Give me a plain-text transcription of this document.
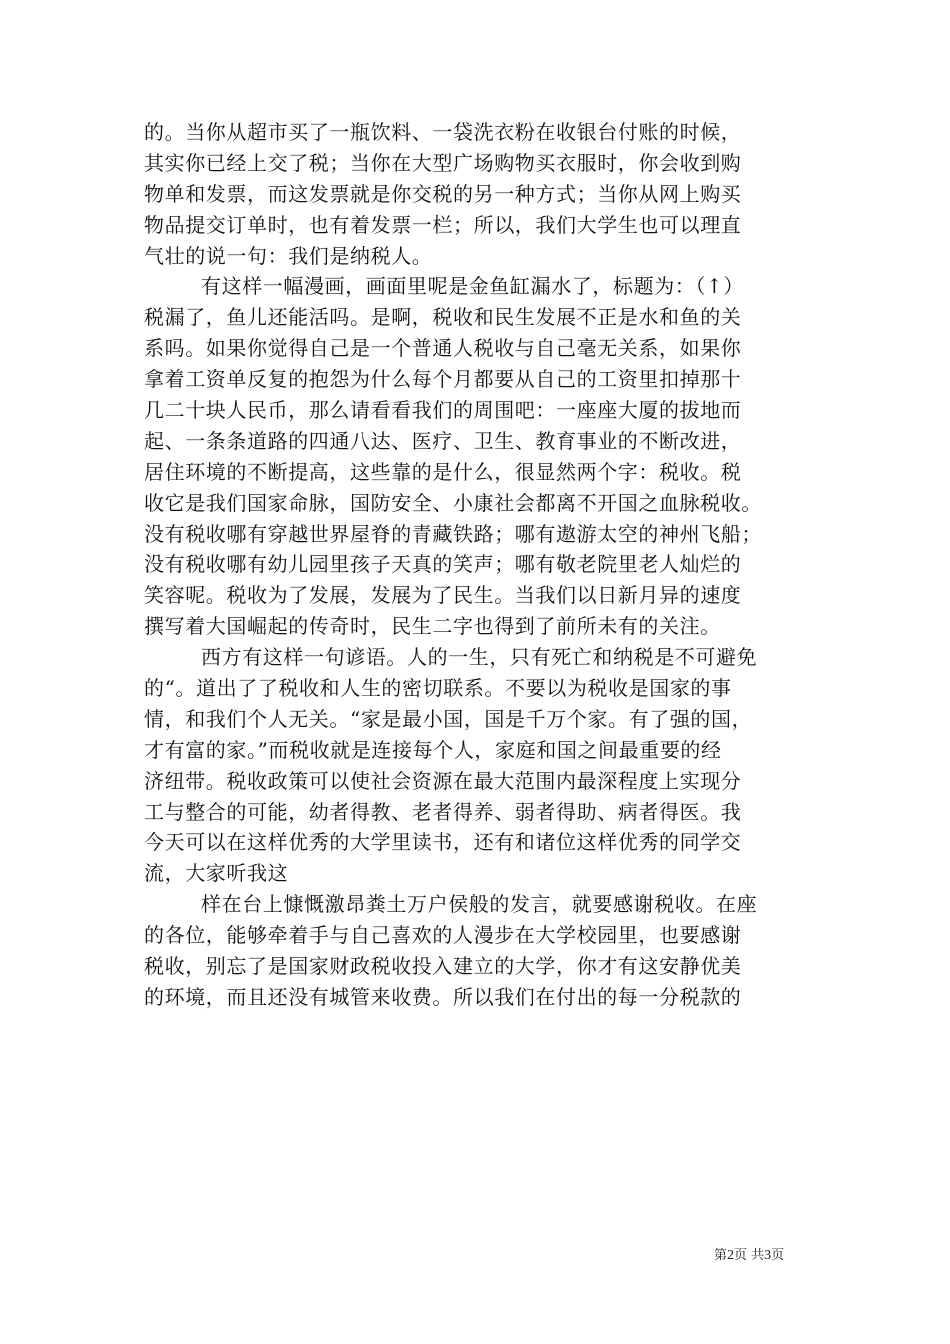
的。当你从超市买了一瓶饮料、一袋洗衣粉在收银台付账的时候，
其实你已经上交了税；当你在大型广场购物买衣服时，你会收到购
物单和发票，而这发票就是你交税的另一种方式；当你从网上购买
物品提交订单时，也有着发票一栏；所以，我们大学生也可以理直
气壮的说一句：我们是纳税人。
有这样一幅漫画，画面里呢是金鱼缸漏水了，标题为：（↑）
税漏了，鱼儿还能活吗。是啊，税收和民生发展不正是水和鱼的关
系吗。如果你觉得自己是一个普通人税收与自己毫无关系，如果你
拿着工资单反复的抱怨为什么每个月都要从自己的工资里扣掉那十
几二十块人民币，那么请看看我们的周围吧：一座座大厦的拔地而
起、一条条道路的四通八达、医疗、卫生、教育事业的不断改进，
居住环境的不断提高，这些靠的是什么，很显然两个字：税收。税
收它是我们国家命脉，国防安全、小康社会都离不开国之血脉税收。
没有税收哪有穿越世界屋脊的青藏铁路；哪有遨游太空的神州飞船；
没有税收哪有幼儿园里孩子天真的笑声；哪有敬老院里老人灿烂的
笑容呢。税收为了发展，发展为了民生。当我们以日新月异的速度
撰写着大国崛起的传奇时，民生二字也得到了前所未有的关注。
西方有这样一句谚语。人的一生，只有死亡和纳税是不可避免
的“。道出了了税收和人生的密切联系。不要以为税收是国家的事
情，和我们个人无关。“家是最小国，国是千万个家。有了强的国，
才有富的家。”而税收就是连接每个人，家庭和国之间最重要的经
济纽带。税收政策可以使社会资源在最大范围内最深程度上实现分
工与整合的可能，幼者得教、老者得养、弱者得助、病者得医。我
今天可以在这样优秀的大学里读书，还有和诸位这样优秀的同学交
流，大家听我这
样在台上慷慨激昂粪土万户侯般的发言，就要感谢税收。在座
的各位，能够牵着手与自己喜欢的人漫步在大学校园里，也要感谢
税收，别忘了是国家财政税收投入建立的大学，你才有这安静优美
的环境，而且还没有城管来收费。所以我们在付出的每一分税款的
第2页 共3页
